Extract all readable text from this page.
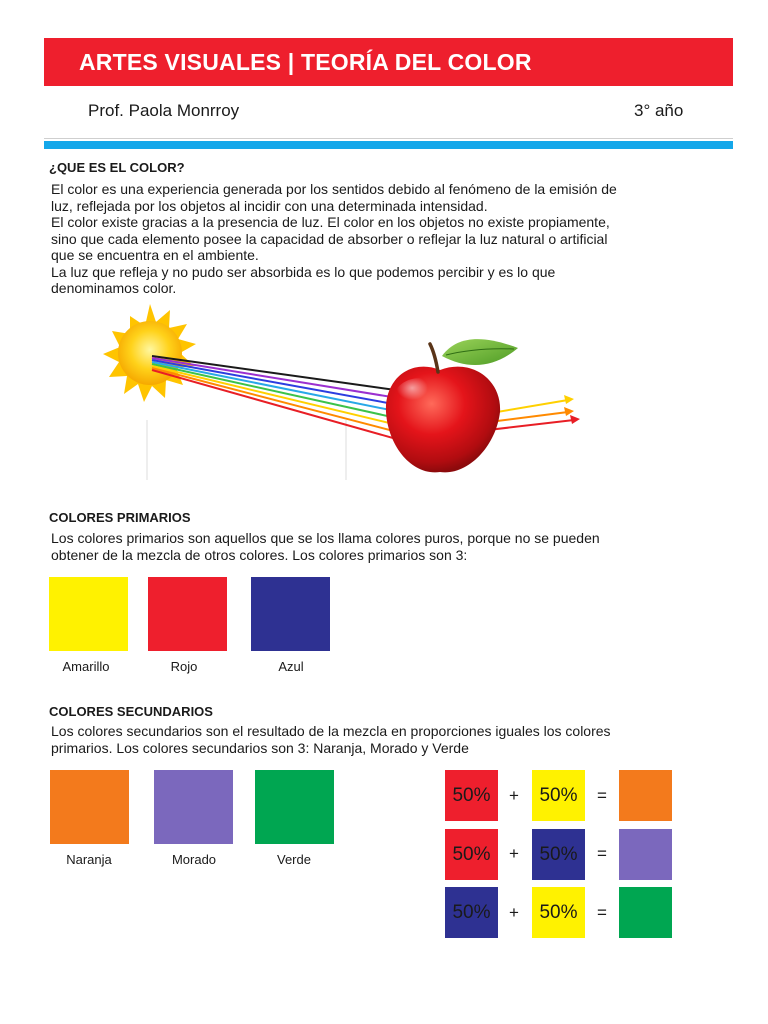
ARTES VISUALES | TEORÍA DEL COLOR
Prof. Paola Monrroy	3° año
¿QUE ES EL COLOR?

El color es una experiencia generada por los sentidos debido al fenómeno de la emisión de

luz, reflejada por los objetos al incidir con una determinada intensidad.

El color existe gracias a la presencia de luz. El color en los objetos no existe propiamente,

sino que cada elemento posee la capacidad de absorber o reflejar la luz natural o artificial

que se encuentra en el ambiente.

La luz que refleja y no pudo ser absorbida es lo que podemos percibir y es lo que

denominamos color.

COLORES PRIMARIOS

Los colores primarios son aquellos que se los llama colores puros, porque no se pueden

obtener de la mezcla de otros colores. Los colores primarios son 3:

Amarillo	Rojo	Azul
COLORES SECUNDARIOS

Los colores secundarios son el resultado de la mezcla en proporciones iguales los colores

primarios. Los colores secundarios son 3: Naranja, Morado y Verde

Naranja	Morado	Verde
50%	+	50%	=
50%	+	50%	=
50%	+	50%	=
